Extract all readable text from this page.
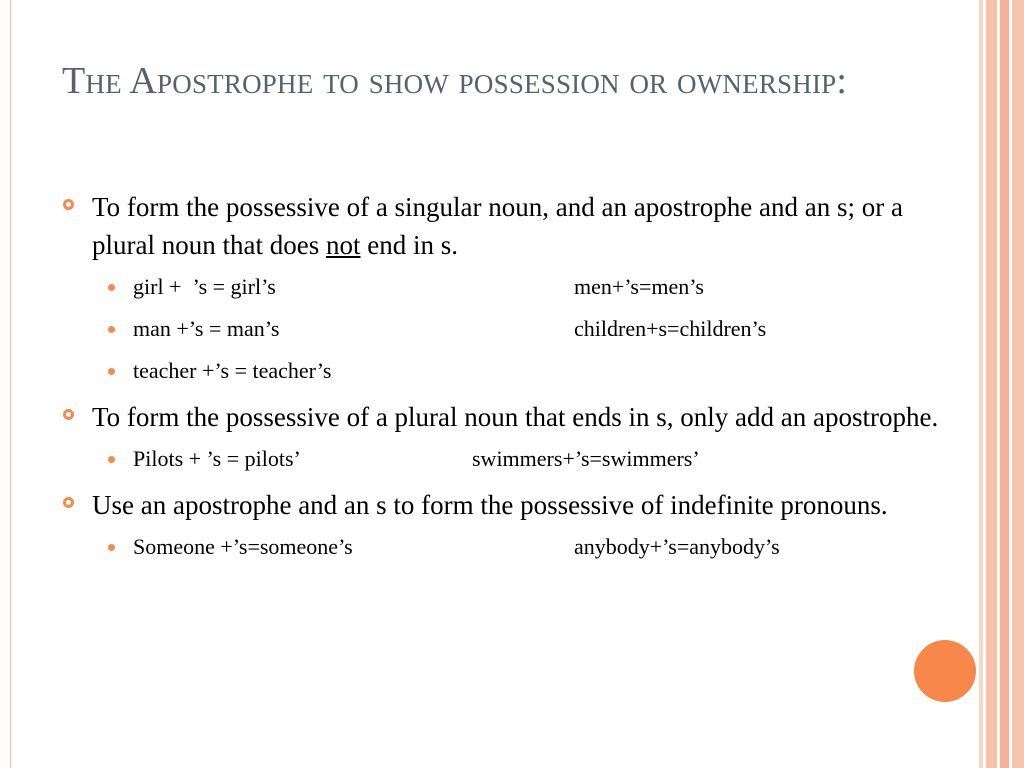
The Apostrophe to show possession or ownership:
To form the possessive of a singular noun, and an apostrophe and an s; or a plural noun that does not end in s.
girl +  ’s = girl’s	men+’s=men’s
man +’s = man’s	children+s=children’s
teacher +’s = teacher’s
To form the possessive of a plural noun that ends in s, only add an apostrophe.
Pilots + ’s = pilots’	swimmers+’s=swimmers’
Use an apostrophe and an s to form the possessive of indefinite pronouns.
Someone +’s=someone’s	anybody+’s=anybody’s
